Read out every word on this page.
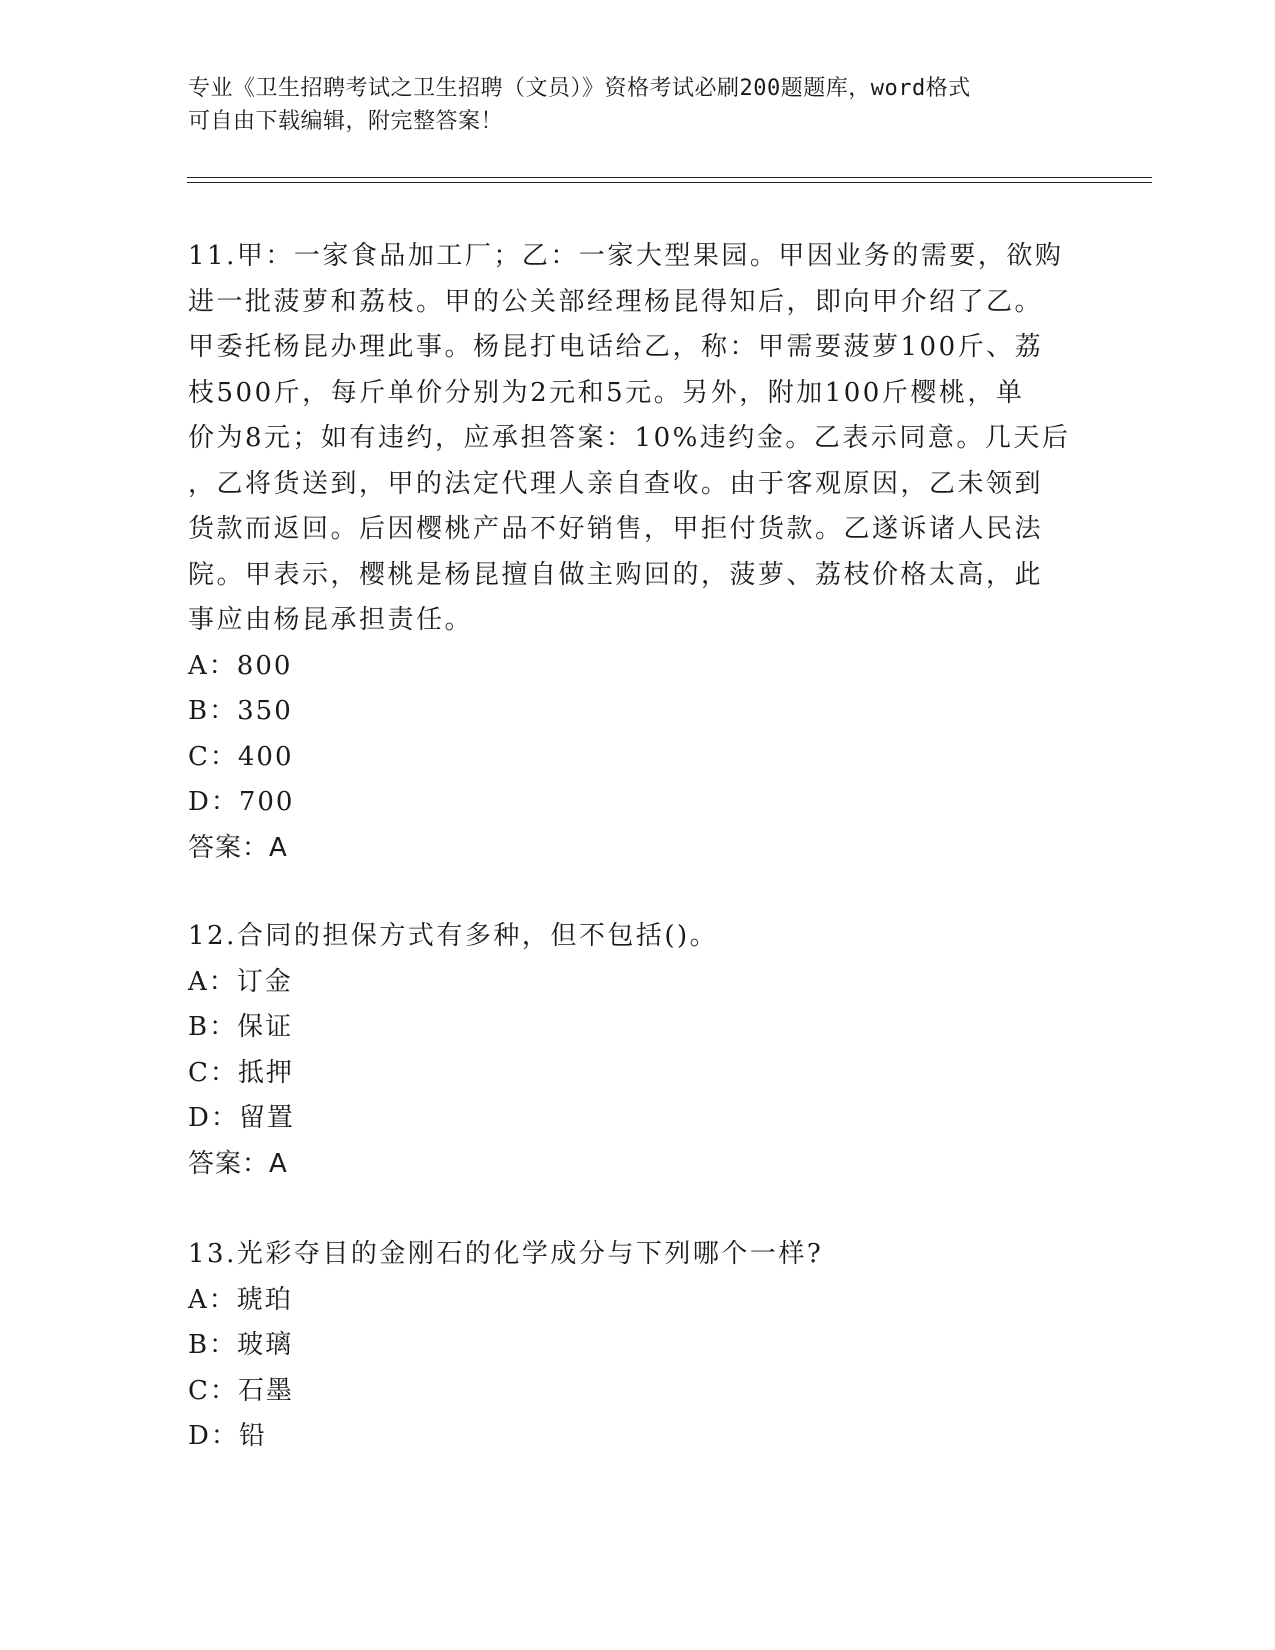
专业《卫生招聘考试之卫生招聘（文员）》资格考试必刷200题题库，word格式
可自由下载编辑，附完整答案！
11.甲：一家食品加工厂；乙：一家大型果园。甲因业务的需要，欲购
进一批菠萝和荔枝。甲的公关部经理杨昆得知后，即向甲介绍了乙。
甲委托杨昆办理此事。杨昆打电话给乙，称：甲需要菠萝100斤、荔
枝500斤，每斤单价分别为2元和5元。另外，附加100斤樱桃，单
价为8元；如有违约，应承担答案：10%违约金。乙表示同意。几天后
，乙将货送到，甲的法定代理人亲自查收。由于客观原因，乙未领到
货款而返回。后因樱桃产品不好销售，甲拒付货款。乙遂诉诸人民法
院。甲表示，樱桃是杨昆擅自做主购回的，菠萝、荔枝价格太高，此
事应由杨昆承担责任。
A：800
B：350
C：400
D：700
答案：A
12.合同的担保方式有多种，但不包括()。
A：订金
B：保证
C：抵押
D：留置
答案：A
13.光彩夺目的金刚石的化学成分与下列哪个一样?
A：琥珀
B：玻璃
C：石墨
D：铅
